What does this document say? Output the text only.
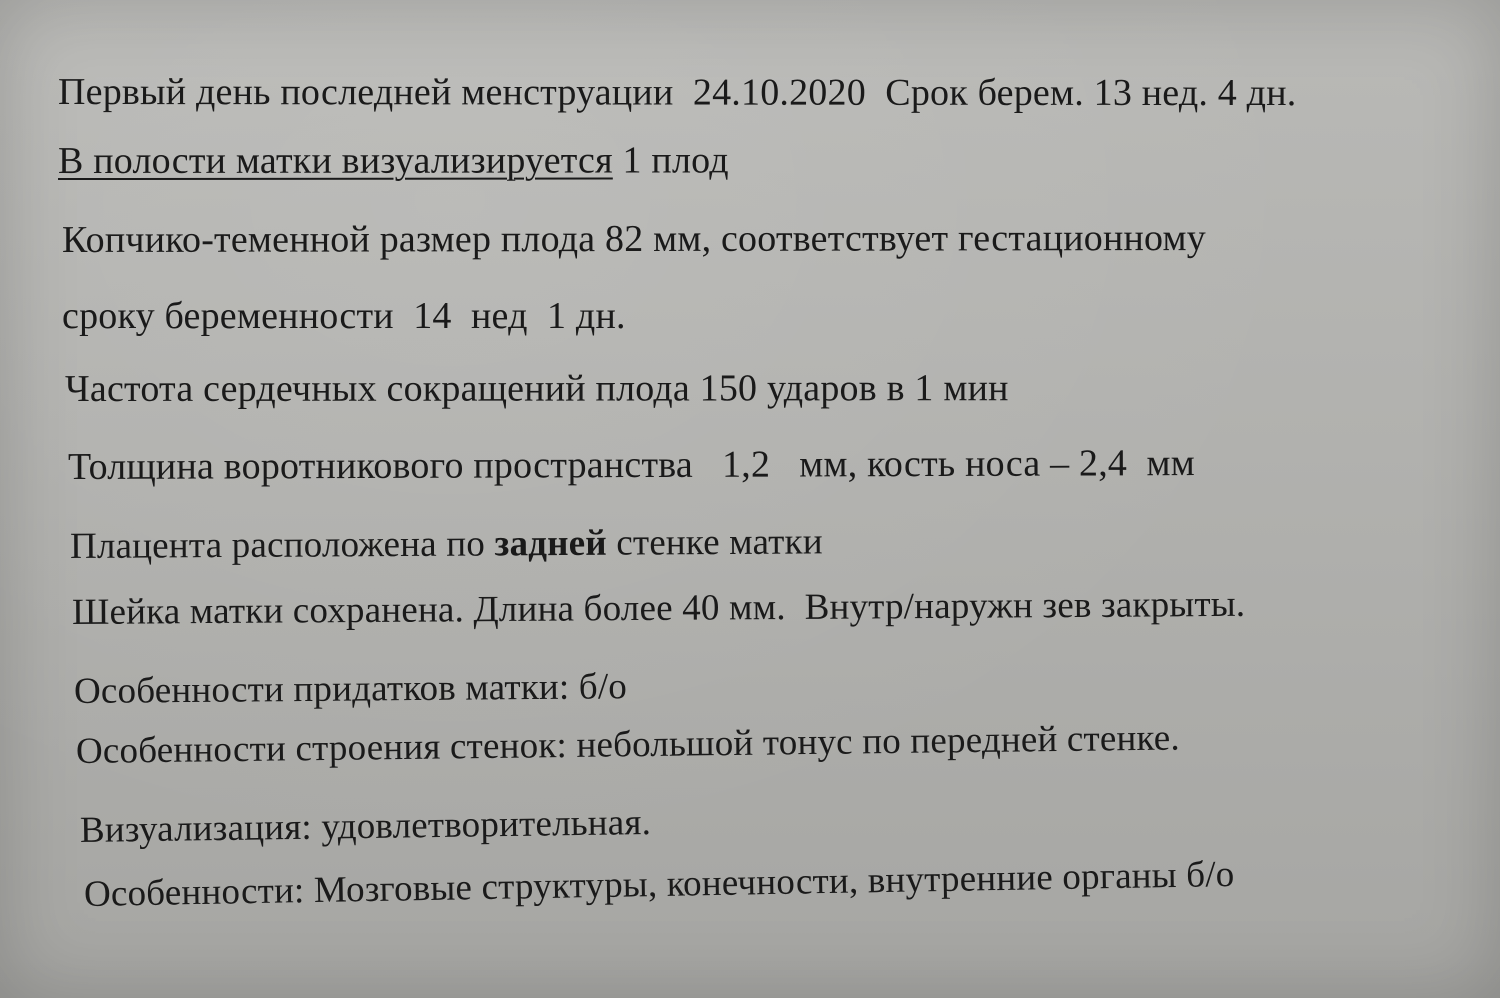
Первый день последней менструации 24.10.2020 Срок берем. 13 нед. 4 дн.
В полости матки визуализируется 1 плод
Копчико-теменной размер плода 82 мм, соответствует гестационному
сроку беременности  14  нед  1 дн.
Частота сердечных сокращений плода 150 ударов в 1 мин
Толщина воротникового пространства   1,2   мм, кость носа – 2,4  мм
Плацента расположена по задней стенке матки
Шейка матки сохранена. Длина более 40 мм.  Внутр/наружн зев закрыты.
Особенности придатков матки: б/о
Особенности строения стенок: небольшой тонус по передней стенке.
Визуализация: удовлетворительная.
Особенности: Мозговые структуры, конечности, внутренние органы б/о
